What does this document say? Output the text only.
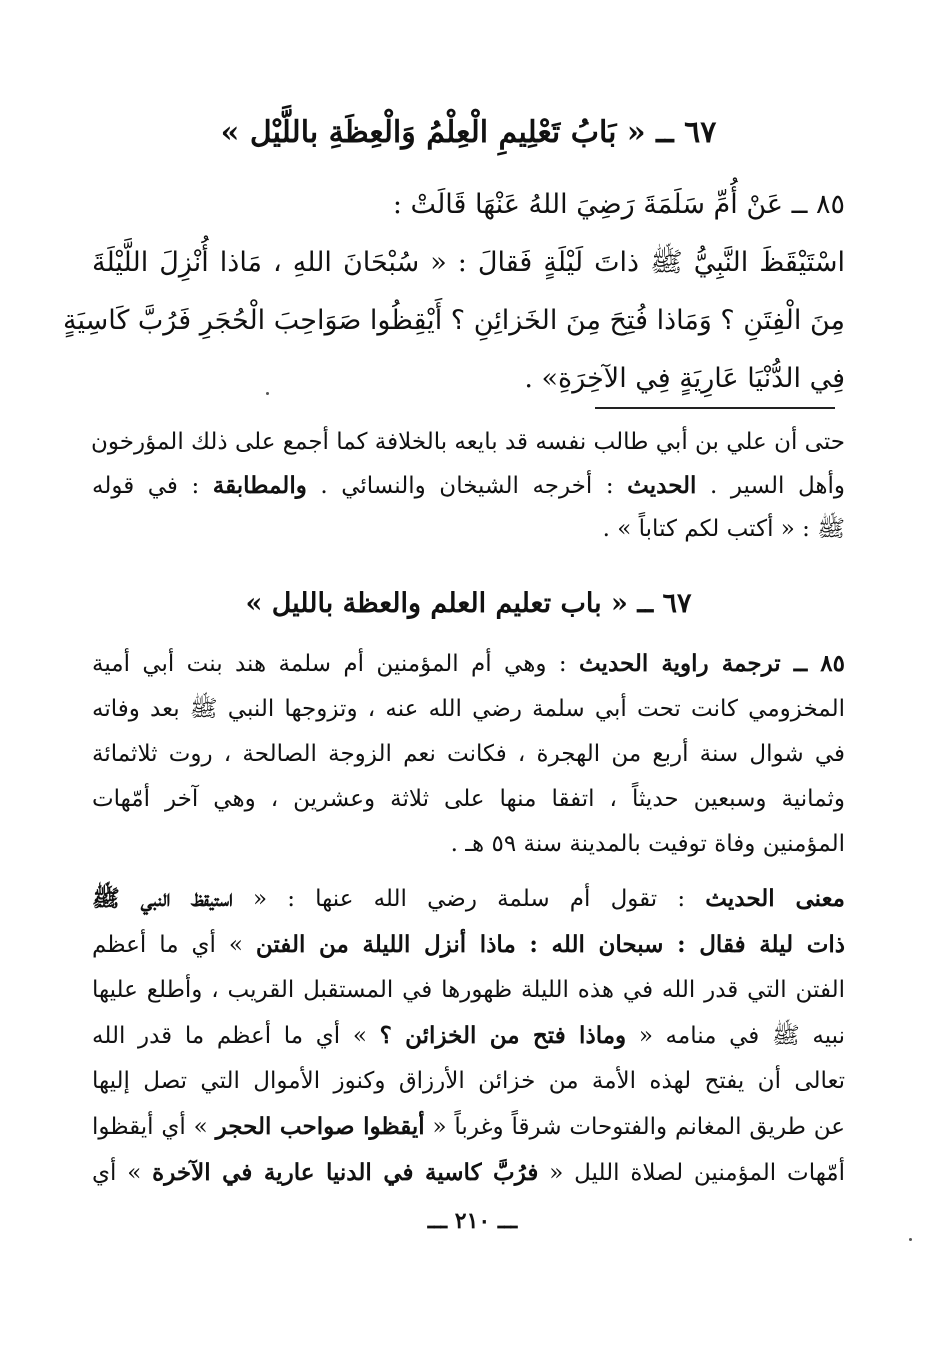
٦٧ ــ « بَابُ تَعْلِيمِ الْعِلْمُ وَالْعِظَةِ باللَّيْل »
٨٥ ــ عَنْ أُمِّ سَلَمَةَ رَضِيَ اللهُ عَنْهَا قَالَتْ :
اسْتَيْقَظَ النَّبِيُّ ﷺ ذاتَ لَيْلَةٍ فَقالَ : « سُبْحَانَ اللهِ ، مَاذا أُنْزِلَ اللَّيْلَةَ
مِنَ الْفِتَنِ ؟ وَمَاذا فُتِحَ مِنَ الخَزائِنِ ؟ أَيْقِظُوا صَوَاحِبَ الْحُجَرِ فَرُبَّ كَاسِيَةٍ
فِي الدُّنْيَا عَارِيَةٍ فِي الآخِرَةِ» .
حتى أن علي بن أبي طالب نفسه قد بايعه بالخلافة كما أجمع على ذلك المؤرخون
وأهل السير . الحديث : أخرجه الشيخان والنسائي . والمطابقة : في قوله
ﷺ : « أكتب لكم كتاباً » .
٦٧ ــ « باب تعليم العلم والعظة بالليل »
٨٥ ــ ترجمة راوية الحديث : وهي أم المؤمنين أم سلمة هند بنت أبي أمية
المخزومي كانت تحت أبي سلمة رضي الله عنه ، وتزوجها النبي ﷺ بعد وفاته
في شوال سنة أربع من الهجرة ، فكانت نعم الزوجة الصالحة ، روت ثلاثمائة
وثمانية وسبعين حديثاً ، اتفقا منها على ثلاثة وعشرين ، وهي آخر أمّهات
المؤمنين وفاة توفيت بالمدينة سنة ٥٩ هـ .
معنى الحديث : تقول أم سلمة رضي الله عنها : « استيقظ النبي ﷺ
ذات ليلة فقال : سبحان الله : ماذا أنزل الليلة من الفتن » أي ما أعظم
الفتن التي قدر الله في هذه الليلة ظهورها في المستقبل القريب ، وأطلع عليها
نبيه ﷺ في منامه « وماذا فتح من الخزائن ؟ » أي ما أعظم ما قدر الله
تعالى أن يفتح لهذه الأمة من خزائن الأرزاق وكنوز الأموال التي تصل إليها
عن طريق المغانم والفتوحات شرقاً وغرباً « أيقظوا صواحب الحجر » أي أيقظوا
أمّهات المؤمنين لصلاة الليل « فرُبَّ كاسية في الدنيا عارية في الآخرة » أي
ـــ ٢١٠ ـــ
